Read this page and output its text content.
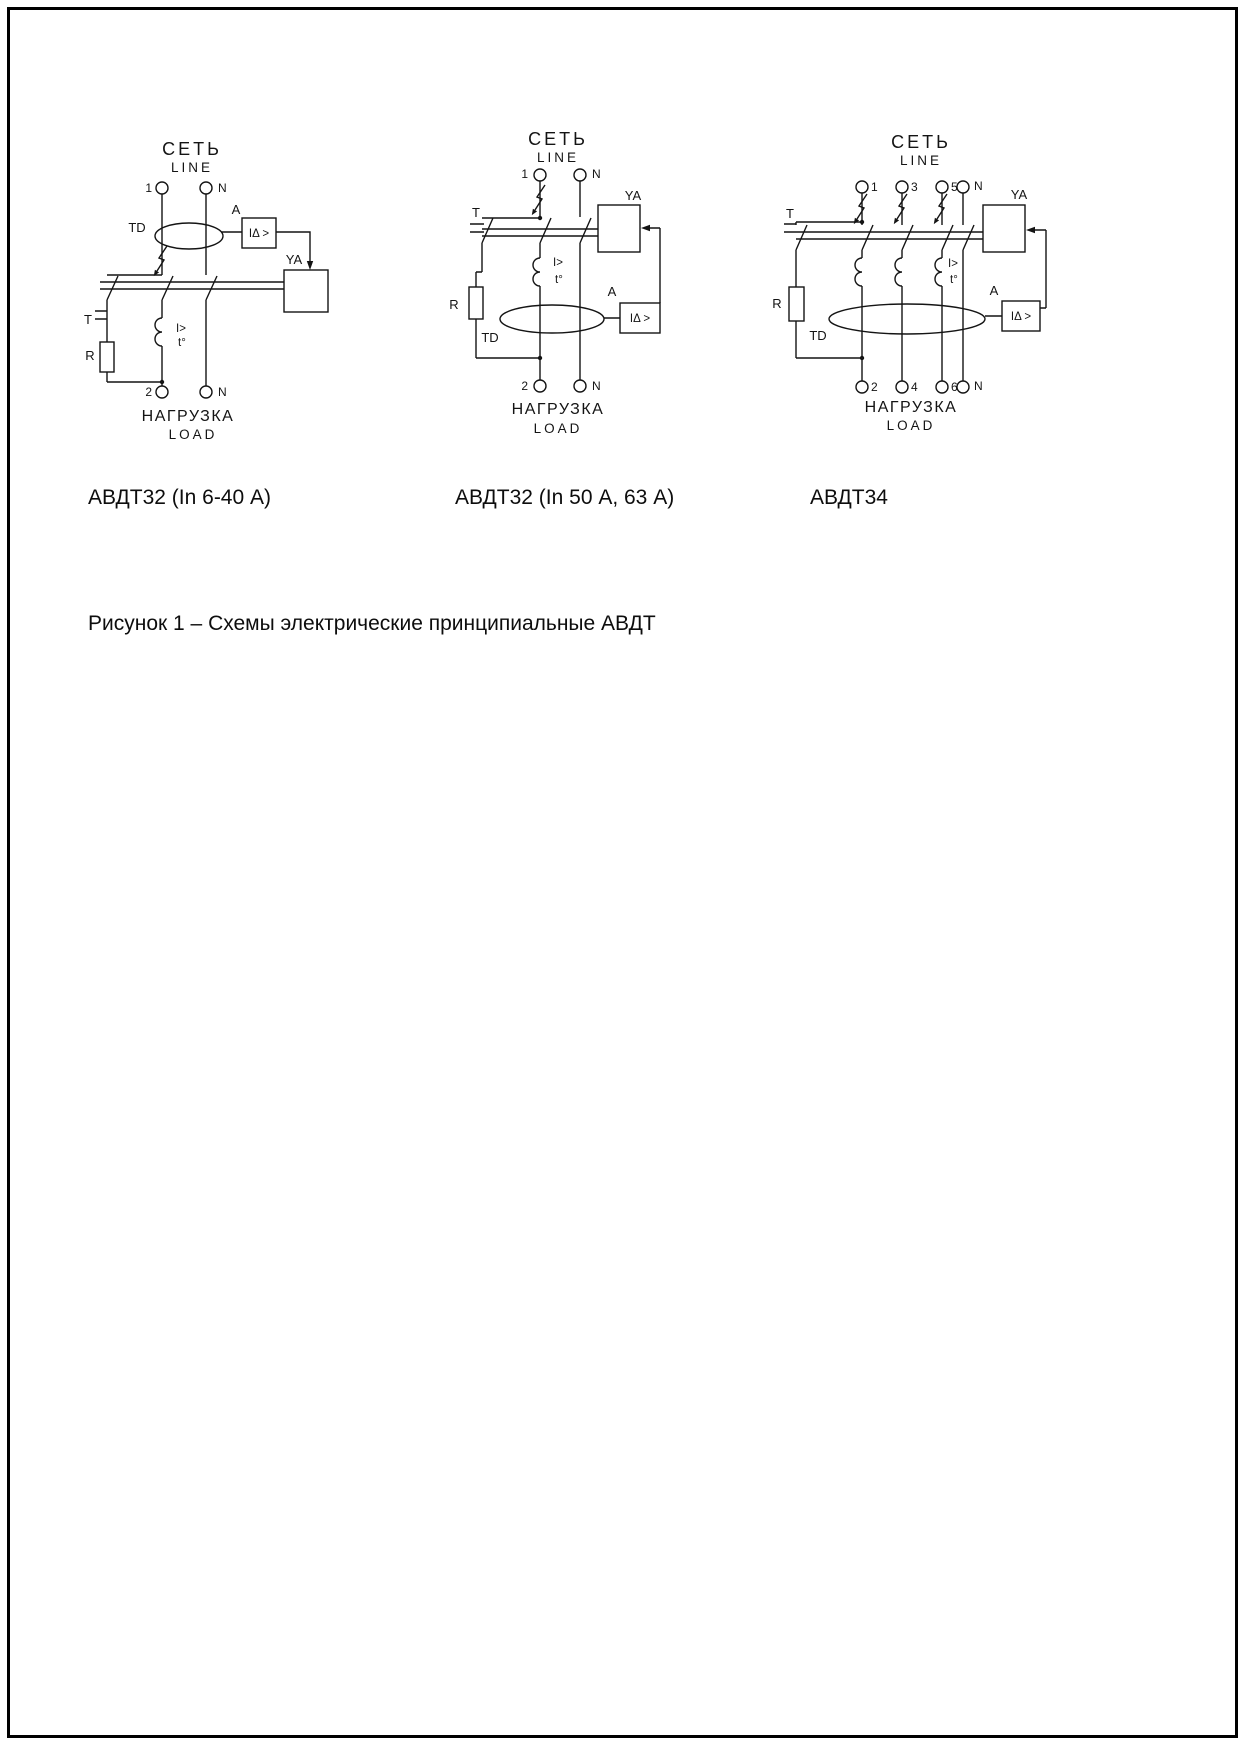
СЕТЬ
LINE
1	N
TD
A
IΔ >
YA
T
R
I>
t°
2	N
НАГРУЗКА
LOAD
СЕТЬ
LINE
1	N
TD
A
IΔ >
YA
T
R
I>
t°
2	N
НАГРУЗКА
LOAD
СЕТЬ
LINE
1	3	5 N
TD
A
IΔ >
YA
T
R
I>
t°
2	4	6 N
НАГРУЗКА
LOAD
АВДТ32 (In 6-40 А)	АВДТ32 (In 50 А, 63 А)	АВДТ34
Рисунок 1 – Схемы электрические принципиальные АВДТ
